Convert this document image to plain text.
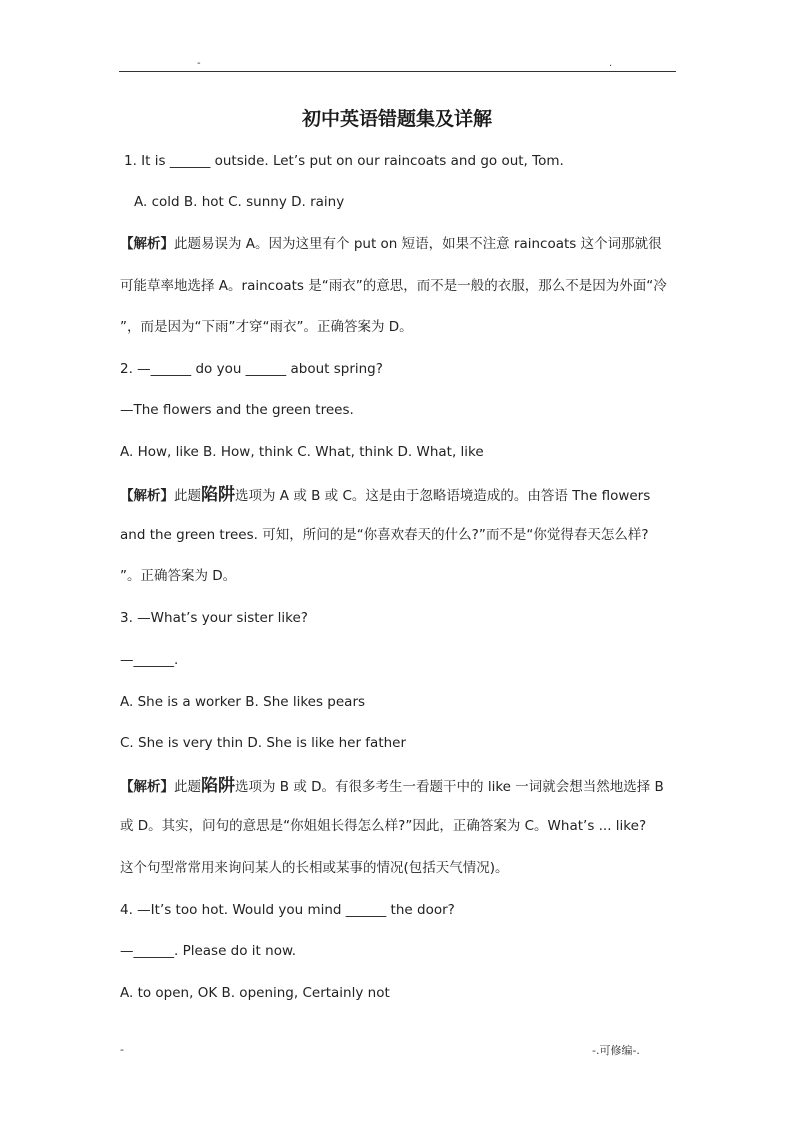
-	.
初中英语错题集及详解
1. It is ______ outside. Let’s put on our raincoats and go out, Tom.
A. cold B. hot C. sunny D. rainy
【解析】此题易误为 A。因为这里有个 put on 短语，如果不注意 raincoats 这个词那就很
可能草率地选择 A。raincoats 是“雨衣”的意思，而不是一般的衣服，那么不是因为外面“冷
”，而是因为“下雨”才穿“雨衣”。正确答案为 D。
2. —______ do you ______ about spring?
—The flowers and the green trees.
A. How, like B. How, think C. What, think D. What, like
【解析】此题陷阱选项为 A 或 B 或 C。这是由于忽略语境造成的。由答语 The flowers
and the green trees. 可知，所问的是“你喜欢春天的什么?”而不是“你觉得春天怎么样?
”。正确答案为 D。
3. —What’s your sister like?
—______.
A. She is a worker B. She likes pears
C. She is very thin D. She is like her father
【解析】此题陷阱选项为 B 或 D。有很多考生一看题干中的 like 一词就会想当然地选择 B
或 D。其实，问句的意思是“你姐姐长得怎么样?”因此，正确答案为 C。What’s ... like?
这个句型常常用来询问某人的长相或某事的情况(包括天气情况)。
4. —It’s too hot. Would you mind ______ the door?
—______. Please do it now.
A. to open, OK B. opening, Certainly not
-	-.可修编-.
